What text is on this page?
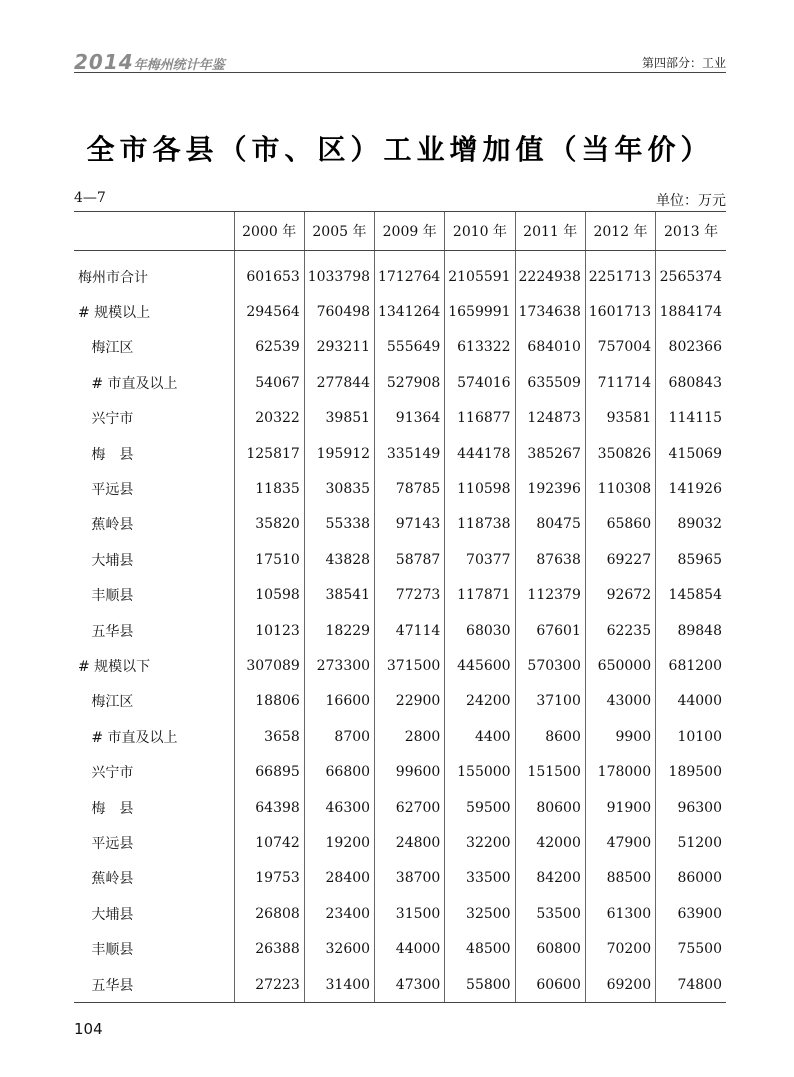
2014年梅州统计年鉴	第四部分：工业
全市各县（市、区）工业增加值（当年价）
4—7	单位：万元
	2000 年	2005 年	2009 年	2010 年	2011 年	2012 年	2013 年
梅州市合计	601653	1033798	1712764	2105591	2224938	2251713	2565374
# 规模以上	294564	760498	1341264	1659991	1734638	1601713	1884174
梅江区	62539	293211	555649	613322	684010	757004	802366
# 市直及以上	54067	277844	527908	574016	635509	711714	680843
兴宁市	20322	39851	91364	116877	124873	93581	114115
梅　县	125817	195912	335149	444178	385267	350826	415069
平远县	11835	30835	78785	110598	192396	110308	141926
蕉岭县	35820	55338	97143	118738	80475	65860	89032
大埔县	17510	43828	58787	70377	87638	69227	85965
丰顺县	10598	38541	77273	117871	112379	92672	145854
五华县	10123	18229	47114	68030	67601	62235	89848
# 规模以下	307089	273300	371500	445600	570300	650000	681200
梅江区	18806	16600	22900	24200	37100	43000	44000
# 市直及以上	3658	8700	2800	4400	8600	9900	10100
兴宁市	66895	66800	99600	155000	151500	178000	189500
梅　县	64398	46300	62700	59500	80600	91900	96300
平远县	10742	19200	24800	32200	42000	47900	51200
蕉岭县	19753	28400	38700	33500	84200	88500	86000
大埔县	26808	23400	31500	32500	53500	61300	63900
丰顺县	26388	32600	44000	48500	60800	70200	75500
五华县	27223	31400	47300	55800	60600	69200	74800
104
